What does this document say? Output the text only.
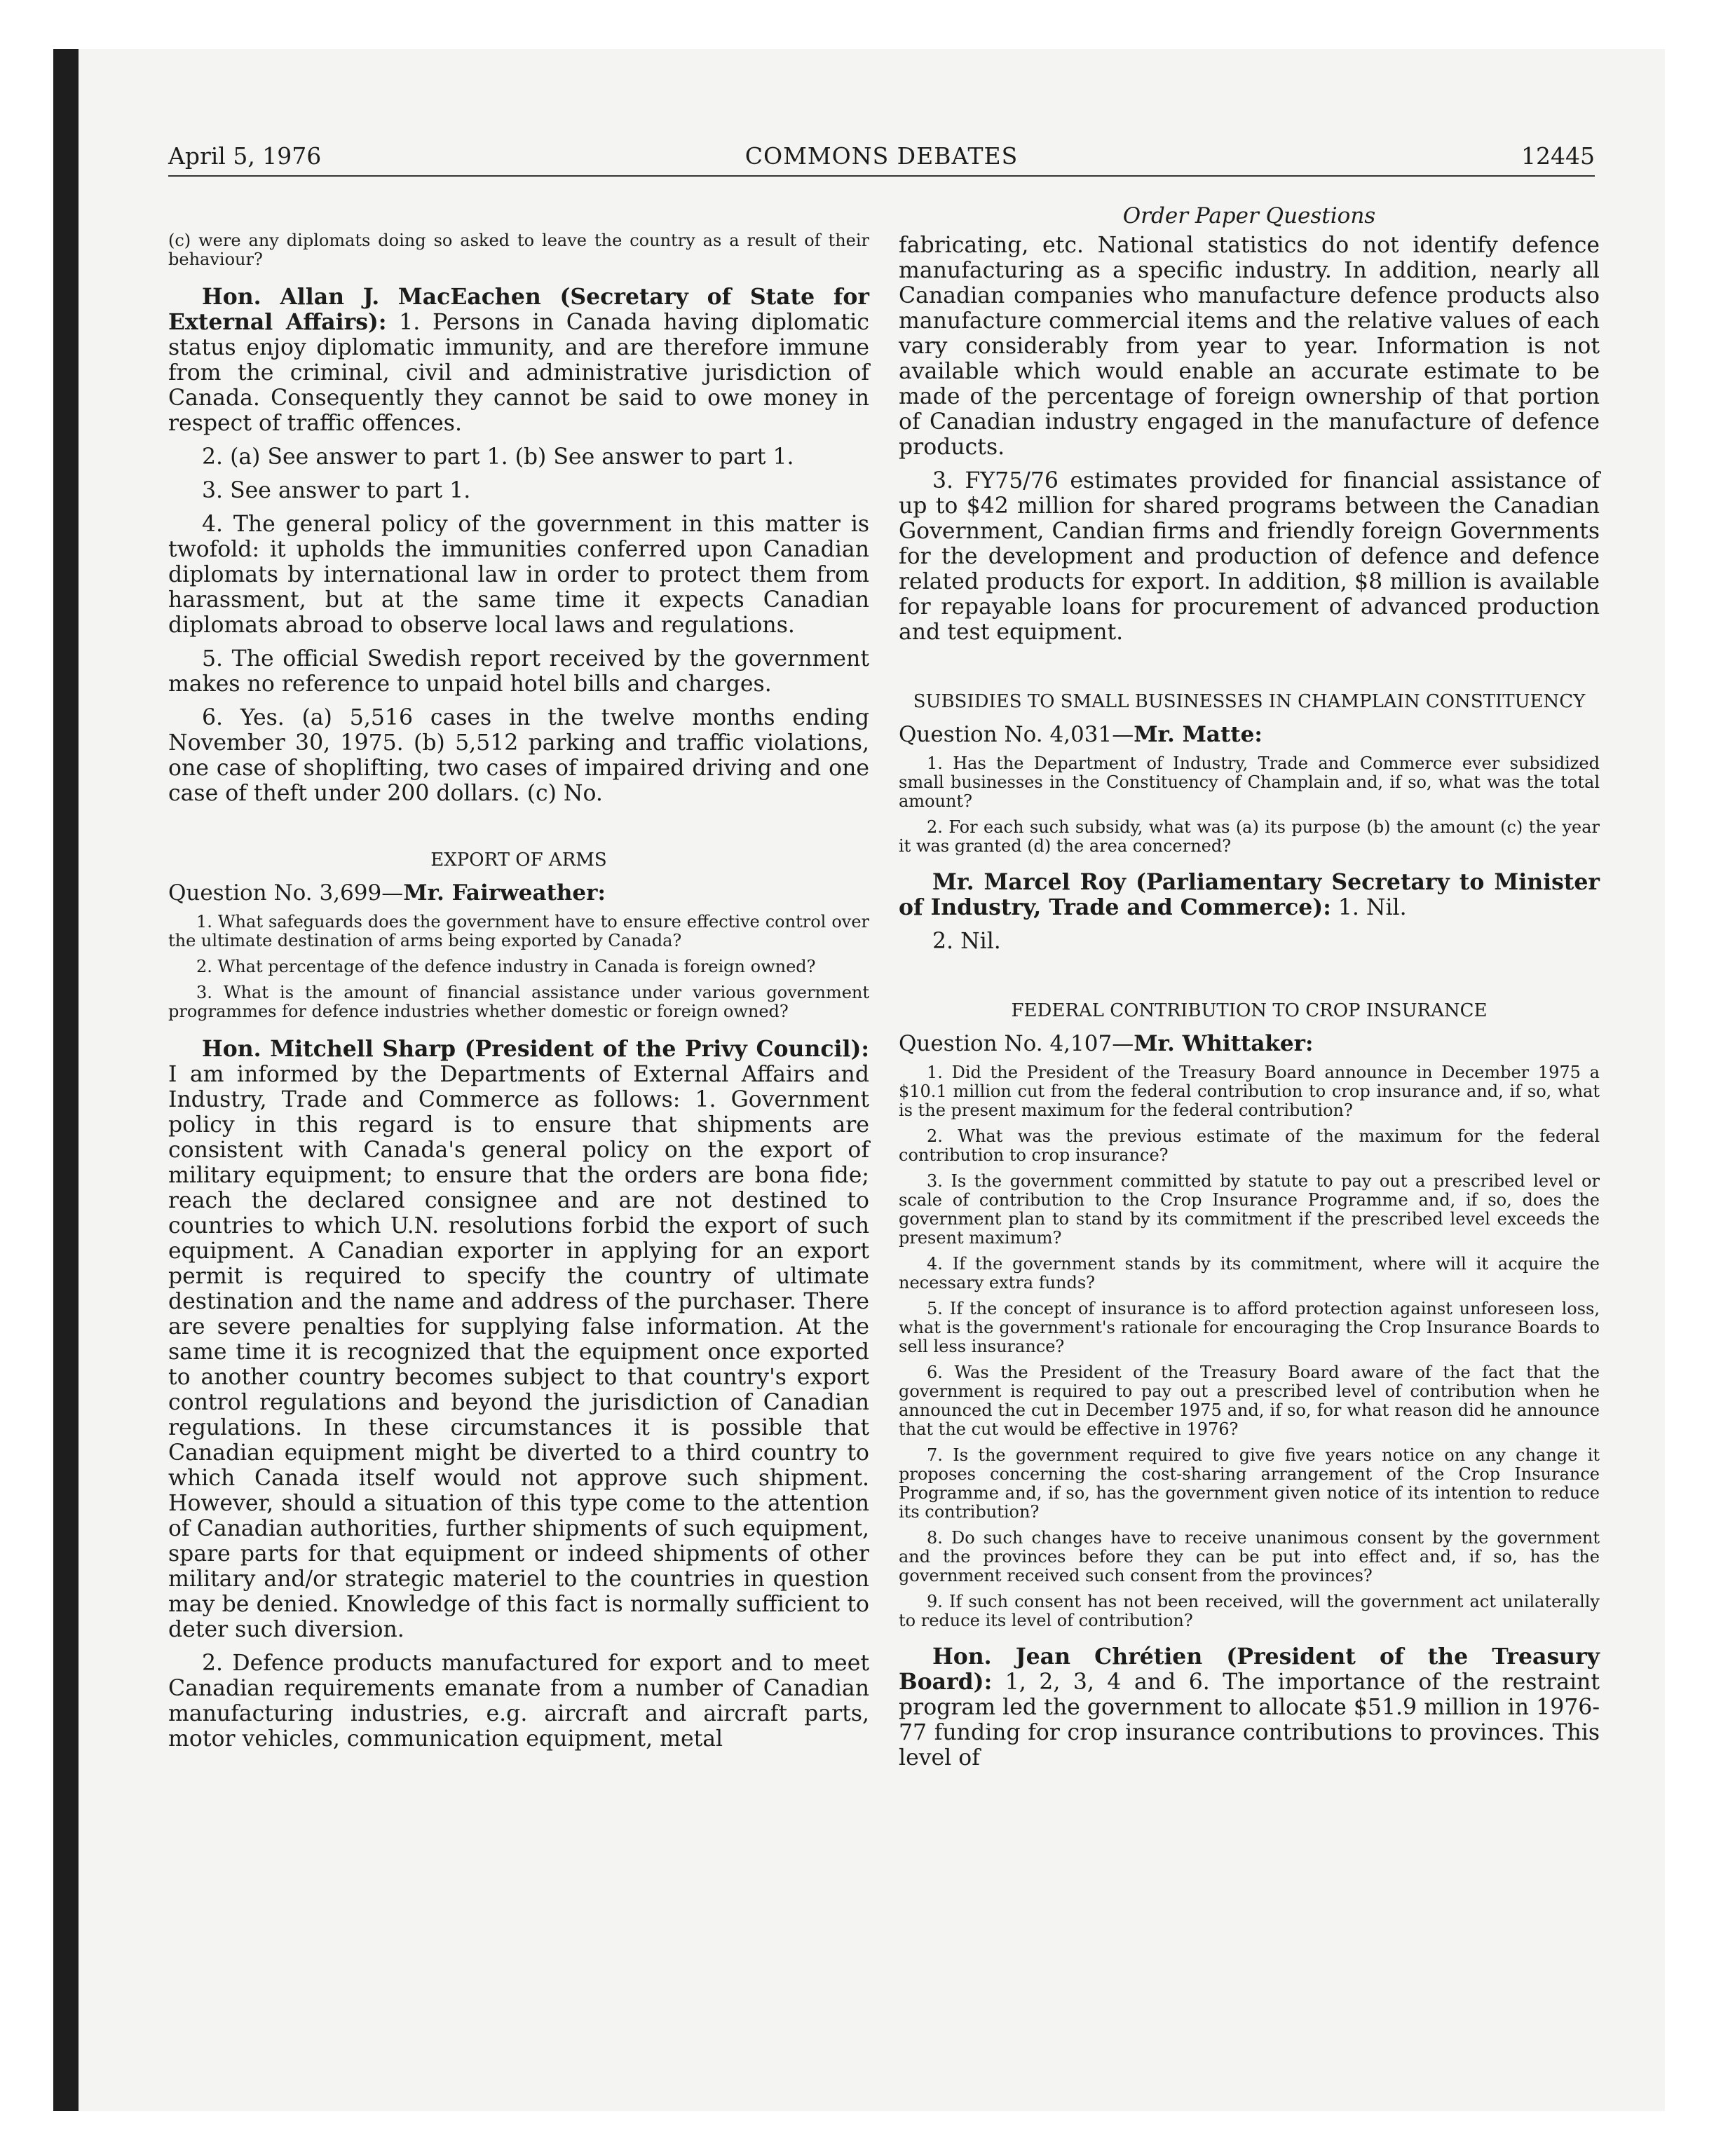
April 5, 1976	COMMONS DEBATES	12445

(c) were any diplomats doing so asked to leave the country as a result of their behaviour?

Hon. Allan J. MacEachen (Secretary of State for External Affairs): 1. Persons in Canada having diplomatic status enjoy diplomatic immunity, and are therefore immune from the criminal, civil and administrative jurisdiction of Canada. Consequently they cannot be said to owe money in respect of traffic offences.

2. (a) See answer to part 1. (b) See answer to part 1.

3. See answer to part 1.

4. The general policy of the government in this matter is twofold: it upholds the immunities conferred upon Canadian diplomats by international law in order to protect them from harassment, but at the same time it expects Canadian diplomats abroad to observe local laws and regulations.

5. The official Swedish report received by the government makes no reference to unpaid hotel bills and charges.

6. Yes. (a) 5,516 cases in the twelve months ending November 30, 1975. (b) 5,512 parking and traffic violations, one case of shoplifting, two cases of impaired driving and one case of theft under 200 dollars. (c) No.

EXPORT OF ARMS
Question No. 3,699—Mr. Fairweather:

1. What safeguards does the government have to ensure effective control over the ultimate destination of arms being exported by Canada?

2. What percentage of the defence industry in Canada is foreign owned?

3. What is the amount of financial assistance under various government programmes for defence industries whether domestic or foreign owned?

Hon. Mitchell Sharp (President of the Privy Council): I am informed by the Departments of External Affairs and Industry, Trade and Commerce as follows: 1. Government policy in this regard is to ensure that shipments are consistent with Canada's general policy on the export of military equipment; to ensure that the orders are bona fide; reach the declared consignee and are not destined to countries to which U.N. resolutions forbid the export of such equipment. A Canadian exporter in applying for an export permit is required to specify the country of ultimate destination and the name and address of the purchaser. There are severe penalties for supplying false information. At the same time it is recognized that the equipment once exported to another country becomes subject to that country's export control regulations and beyond the jurisdiction of Canadian regulations. In these circumstances it is possible that Canadian equipment might be diverted to a third country to which Canada itself would not approve such shipment. However, should a situation of this type come to the attention of Canadian authorities, further shipments of such equipment, spare parts for that equipment or indeed shipments of other military and/or strategic materiel to the countries in question may be denied. Knowledge of this fact is normally sufficient to deter such diversion.

2. Defence products manufactured for export and to meet Canadian requirements emanate from a number of Canadian manufacturing industries, e.g. aircraft and aircraft parts, motor vehicles, communication equipment, metal

Order Paper Questions

fabricating, etc. National statistics do not identify defence manufacturing as a specific industry. In addition, nearly all Canadian companies who manufacture defence products also manufacture commercial items and the relative values of each vary considerably from year to year. Information is not available which would enable an accurate estimate to be made of the percentage of foreign ownership of that portion of Canadian industry engaged in the manufacture of defence products.

3. FY75/76 estimates provided for financial assistance of up to $42 million for shared programs between the Canadian Government, Candian firms and friendly foreign Governments for the development and production of defence and defence related products for export. In addition, $8 million is available for repayable loans for procurement of advanced production and test equipment.

SUBSIDIES TO SMALL BUSINESSES IN CHAMPLAIN CONSTITUENCY
Question No. 4,031—Mr. Matte:

1. Has the Department of Industry, Trade and Commerce ever subsidized small businesses in the Constituency of Champlain and, if so, what was the total amount?

2. For each such subsidy, what was (a) its purpose (b) the amount (c) the year it was granted (d) the area concerned?

Mr. Marcel Roy (Parliamentary Secretary to Minister of Industry, Trade and Commerce): 1. Nil.

2. Nil.

FEDERAL CONTRIBUTION TO CROP INSURANCE
Question No. 4,107—Mr. Whittaker:

1. Did the President of the Treasury Board announce in December 1975 a $10.1 million cut from the federal contribution to crop insurance and, if so, what is the present maximum for the federal contribution?

2. What was the previous estimate of the maximum for the federal contribution to crop insurance?

3. Is the government committed by statute to pay out a prescribed level or scale of contribution to the Crop Insurance Programme and, if so, does the government plan to stand by its commitment if the prescribed level exceeds the present maximum?

4. If the government stands by its commitment, where will it acquire the necessary extra funds?

5. If the concept of insurance is to afford protection against unforeseen loss, what is the government's rationale for encouraging the Crop Insurance Boards to sell less insurance?

6. Was the President of the Treasury Board aware of the fact that the government is required to pay out a prescribed level of contribution when he announced the cut in December 1975 and, if so, for what reason did he announce that the cut would be effective in 1976?

7. Is the government required to give five years notice on any change it proposes concerning the cost-sharing arrangement of the Crop Insurance Programme and, if so, has the government given notice of its intention to reduce its contribution?

8. Do such changes have to receive unanimous consent by the government and the provinces before they can be put into effect and, if so, has the government received such consent from the provinces?

9. If such consent has not been received, will the government act unilaterally to reduce its level of contribution?

Hon. Jean Chrétien (President of the Treasury Board): 1, 2, 3, 4 and 6. The importance of the restraint program led the government to allocate $51.9 million in 1976-77 funding for crop insurance contributions to provinces. This level of
